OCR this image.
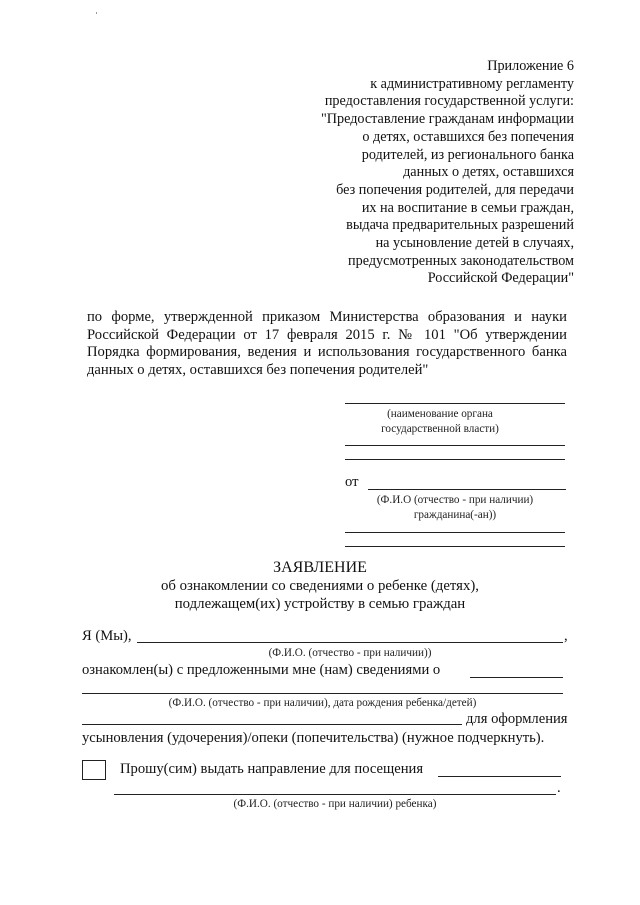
Приложение 6
к административному регламенту
предоставления государственной услуги:
"Предоставление гражданам информации
о детях, оставшихся без попечения
родителей, из регионального банка
данных о детях, оставшихся
без попечения родителей, для передачи
их на воспитание в семьи граждан,
выдача предварительных разрешений
на усыновление детей в случаях,
предусмотренных законодательством
Российской Федерации"
по форме, утвержденной приказом Министерства образования и науки
Российской Федерации от 17 февраля 2015 г. № 101 "Об утверждении
Порядка формирования, ведения и использования государственного банка
данных о детях, оставшихся без попечения родителей"
(наименование органа
государственной власти)
от
(Ф.И.О (отчество - при наличии)
гражданина(-ан))
ЗАЯВЛЕНИЕ
об ознакомлении со сведениями о ребенке (детях),
подлежащем(их) устройству в семью граждан
Я (Мы),	,
(Ф.И.О. (отчество - при наличии))
ознакомлен(ы) с предложенными мне (нам) сведениями о
(Ф.И.О. (отчество - при наличии), дата рождения ребенка/детей)
для оформления
усыновления (удочерения)/опеки (попечительства) (нужное подчеркнуть).
Прошу(сим) выдать направление для посещения
.
(Ф.И.О. (отчество - при наличии) ребенка)
